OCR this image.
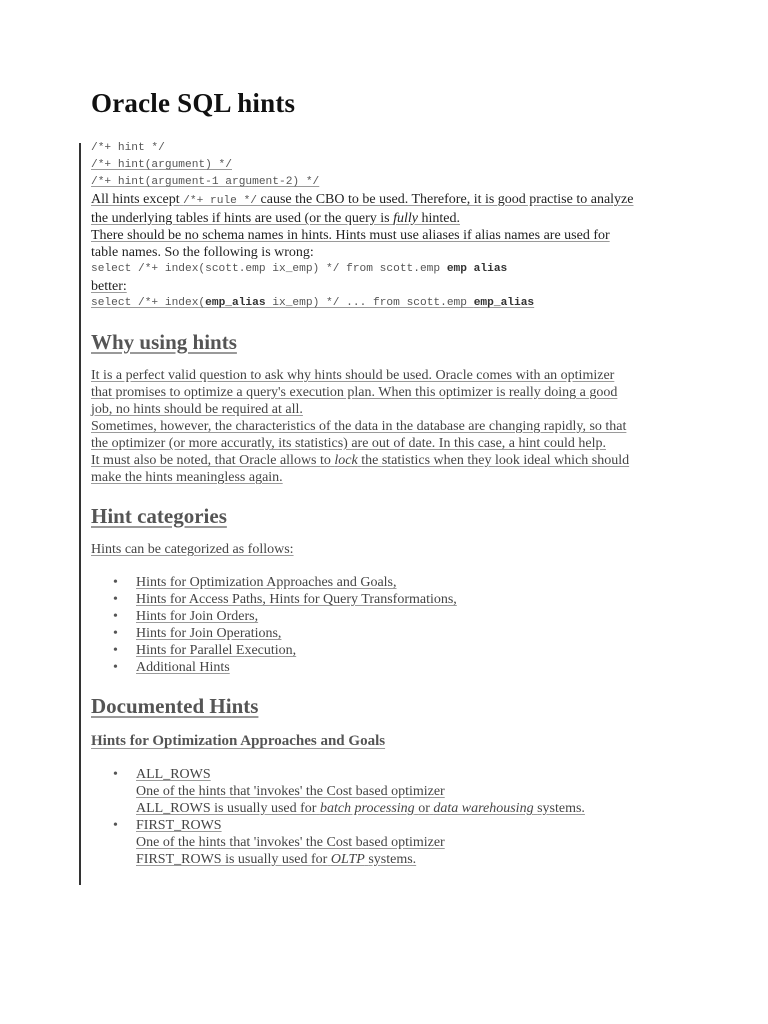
Oracle SQL hints
/*+ hint */
/*+ hint(argument) */
/*+ hint(argument-1 argument-2) */
All hints except /*+ rule */ cause the CBO to be used. Therefore, it is good practise to analyze
the underlying tables if hints are used (or the query is fully hinted.
There should be no schema names in hints. Hints must use aliases if alias names are used for
table names. So the following is wrong:
select /*+ index(scott.emp ix_emp) */ from scott.emp emp alias
better:
select /*+ index(emp_alias ix_emp) */ ... from scott.emp emp_alias
Why using hints
It is a perfect valid question to ask why hints should be used. Oracle comes with an optimizer
that promises to optimize a query's execution plan. When this optimizer is really doing a good
job, no hints should be required at all.
Sometimes, however, the characteristics of the data in the database are changing rapidly, so that
the optimizer (or more accuratly, its statistics) are out of date. In this case, a hint could help.
It must also be noted, that Oracle allows to lock the statistics when they look ideal which should
make the hints meaningless again.
Hint categories
Hints can be categorized as follows:
• Hints for Optimization Approaches and Goals,
• Hints for Access Paths, Hints for Query Transformations,
• Hints for Join Orders,
• Hints for Join Operations,
• Hints for Parallel Execution,
• Additional Hints
Documented Hints
Hints for Optimization Approaches and Goals
• ALL_ROWS
One of the hints that 'invokes' the Cost based optimizer
ALL_ROWS is usually used for batch processing or data warehousing systems.
• FIRST_ROWS
One of the hints that 'invokes' the Cost based optimizer
FIRST_ROWS is usually used for OLTP systems.
